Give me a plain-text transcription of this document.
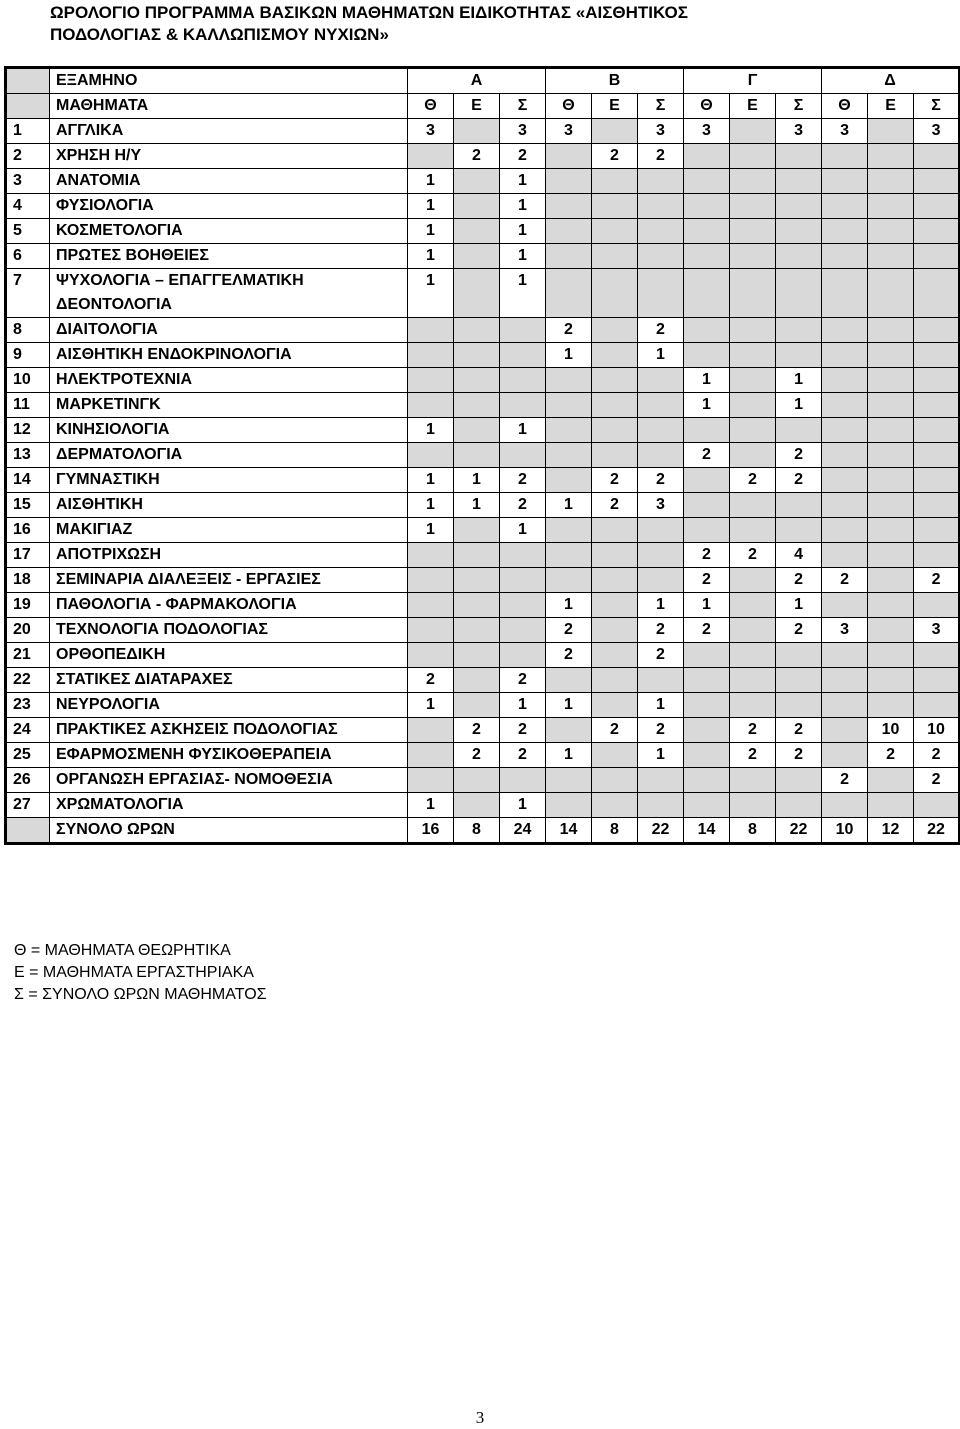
ΩΡΟΛΟΓΙΟ ΠΡΟΓΡΑΜΜΑ ΒΑΣΙΚΩΝ ΜΑΘΗΜΑΤΩΝ ΕΙΔΙΚΟΤΗΤΑΣ «ΑΙΣΘΗΤΙΚΟΣ
ΠΟΔΟΛΟΓΙΑΣ & ΚΑΛΛΩΠΙΣΜΟΥ ΝΥΧΙΩΝ»
	ΕΞΑΜΗΝΟ	Α			Β			Γ			Δ		
	ΜΑΘΗΜΑΤΑ	Θ	Ε	Σ	Θ	Ε	Σ	Θ	Ε	Σ	Θ	Ε	Σ
1	ΑΓΓΛΙΚΑ	3		3	3		3	3		3	3		3
2	ΧΡΗΣΗ Η/Υ		2	2		2	2						
3	ΑΝΑΤΟΜΙΑ	1		1									
4	ΦΥΣΙΟΛΟΓΙΑ	1		1									
5	ΚΟΣΜΕΤΟΛΟΓΙΑ	1		1									
6	ΠΡΩΤΕΣ ΒΟΗΘΕΙΕΣ	1		1									
7	ΨΥΧΟΛΟΓΙΑ – ΕΠΑΓΓΕΛΜΑΤΙΚΗ ΔΕΟΝΤΟΛΟΓΙΑ	1		1									
8	ΔΙΑΙΤΟΛΟΓΙΑ				2		2						
9	ΑΙΣΘΗΤΙΚΗ ΕΝΔΟΚΡΙΝΟΛΟΓΙΑ				1		1						
10	ΗΛΕΚΤΡΟΤΕΧΝΙΑ							1		1			
11	ΜΑΡΚΕΤΙΝΓΚ							1		1			
12	ΚΙΝΗΣΙΟΛΟΓΙΑ	1		1									
13	ΔΕΡΜΑΤΟΛΟΓΙΑ							2		2			
14	ΓΥΜΝΑΣΤΙΚΗ	1	1	2		2	2		2	2			
15	ΑΙΣΘΗΤΙΚΗ	1	1	2	1	2	3						
16	ΜΑΚΙΓΙΑΖ	1		1									
17	ΑΠΟΤΡΙΧΩΣΗ							2	2	4			
18	ΣΕΜΙΝΑΡΙΑ ΔΙΑΛΕΞΕΙΣ - ΕΡΓΑΣΙΕΣ							2		2	2		2
19	ΠΑΘΟΛΟΓΙΑ - ΦΑΡΜΑΚΟΛΟΓΙΑ				1		1	1		1			
20	ΤΕΧΝΟΛΟΓΙΑ ΠΟΔΟΛΟΓΙΑΣ				2		2	2		2	3		3
21	ΟΡΘΟΠΕΔΙΚΗ				2		2						
22	ΣΤΑΤΙΚΕΣ ΔΙΑΤΑΡΑΧΕΣ	2		2									
23	ΝΕΥΡΟΛΟΓΙΑ	1		1	1		1						
24	ΠΡΑΚΤΙΚΕΣ ΑΣΚΗΣΕΙΣ ΠΟΔΟΛΟΓΙΑΣ		2	2		2	2		2	2		10	10
25	ΕΦΑΡΜΟΣΜΕΝΗ ΦΥΣΙΚΟΘΕΡΑΠΕΙΑ		2	2	1		1		2	2		2	2
26	ΟΡΓΑΝΩΣΗ ΕΡΓΑΣΙΑΣ- ΝΟΜΟΘΕΣΙΑ										2		2
27	ΧΡΩΜΑΤΟΛΟΓΙΑ	1		1									
	ΣΥΝΟΛΟ ΩΡΩΝ	16	8	24	14	8	22	14	8	22	10	12	22
Θ = ΜΑΘΗΜΑΤΑ ΘΕΩΡΗΤΙΚΑ
Ε = ΜΑΘΗΜΑΤΑ ΕΡΓΑΣΤΗΡΙΑΚΑ
Σ = ΣΥΝΟΛΟ ΩΡΩΝ ΜΑΘΗΜΑΤΟΣ
3
